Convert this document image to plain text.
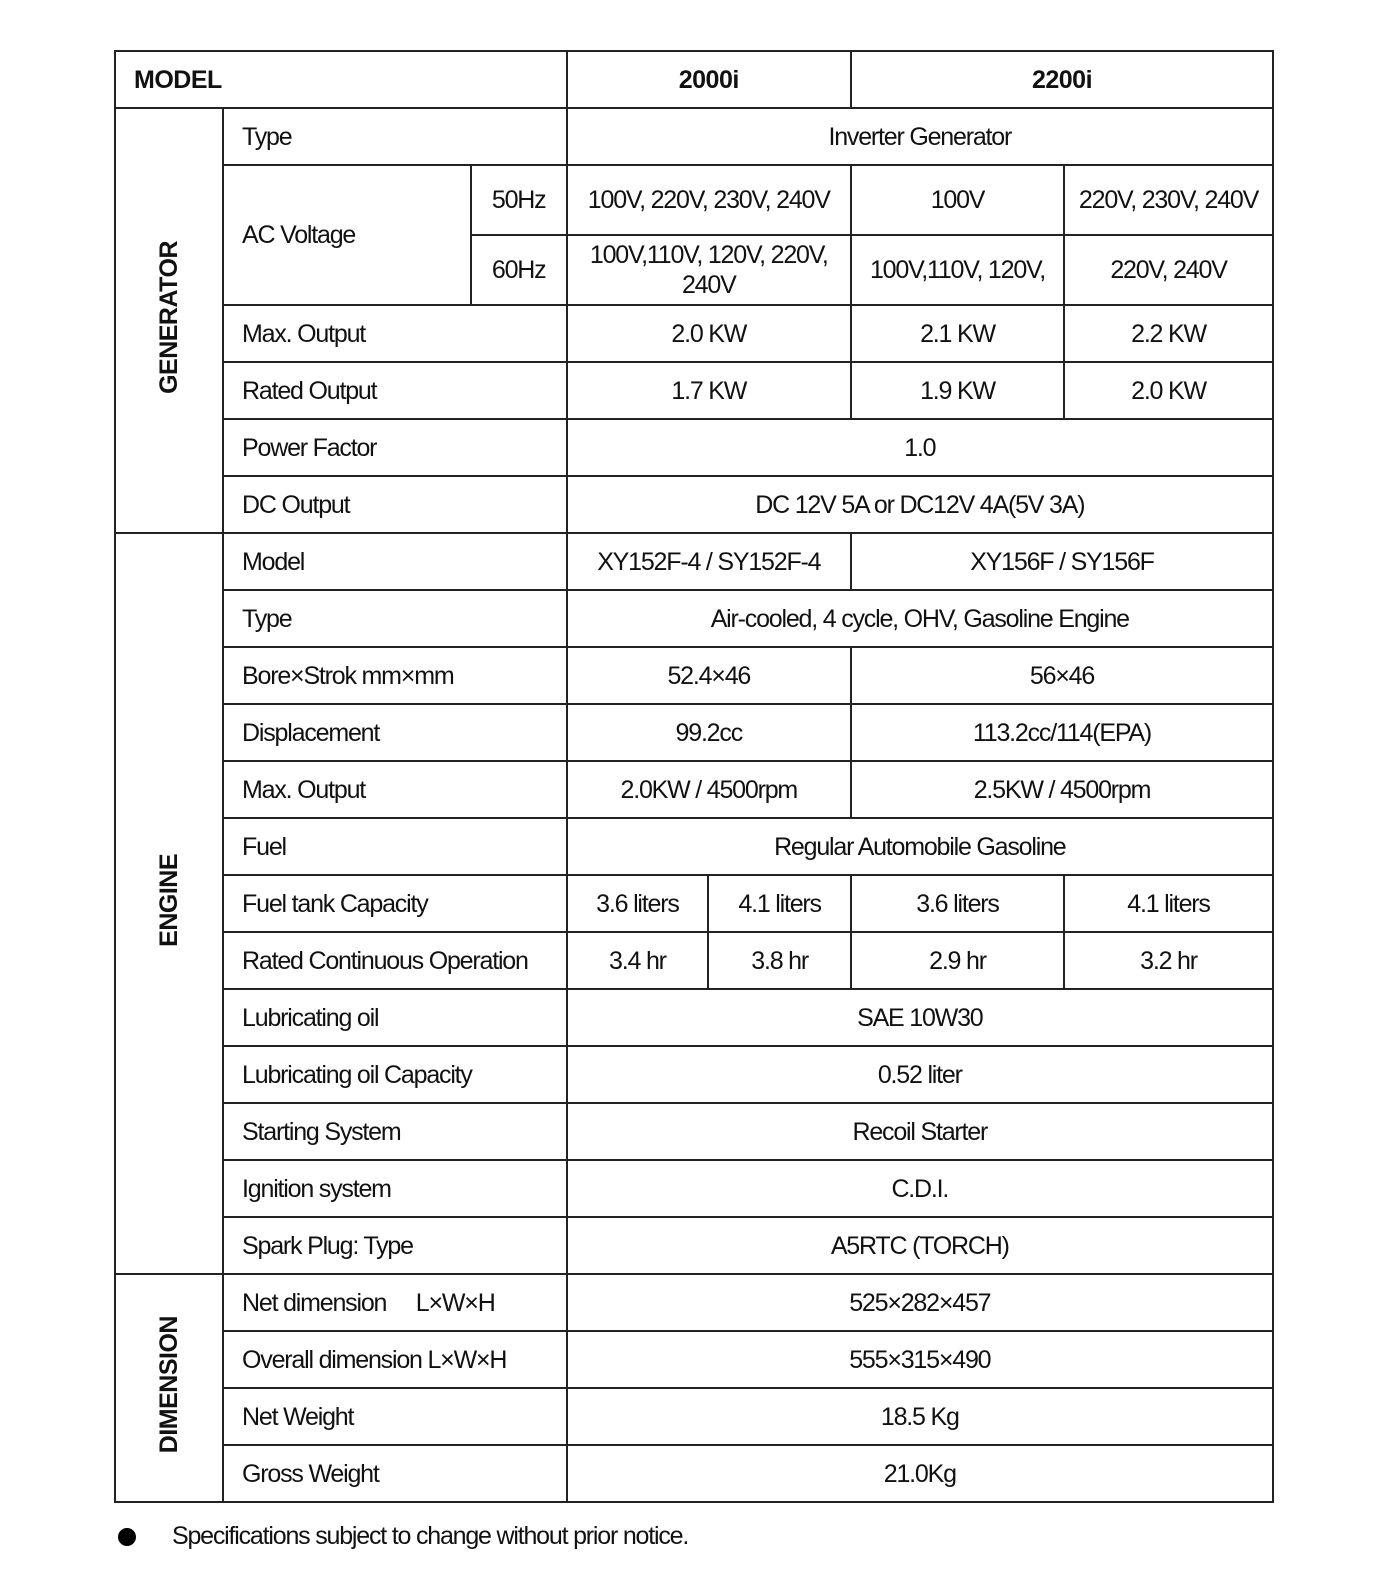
MODEL			2000i		2200i	
GENERATOR	Type		Inverter Generator			
	AC Voltage	50Hz	100V, 220V, 230V, 240V		100V	220V, 230V, 240V
		60Hz	100V,110V, 120V, 220V, 240V		100V,110V, 120V,	220V, 240V
	Max. Output		2.0 KW		2.1 KW	2.2 KW
	Rated Output		1.7 KW		1.9 KW	2.0 KW
	Power Factor		1.0			
	DC Output		DC 12V 5A or DC12V 4A(5V 3A)			

ENGINE	Model		XY152F-4 / SY152F-4		XY156F / SY156F	
	Type		Air-cooled, 4 cycle, OHV, Gasoline Engine			
	Bore×Strok mm×mm		52.4×46		56×46	
	Displacement		99.2cc		113.2cc/114(EPA)	
	Max. Output		2.0KW / 4500rpm		2.5KW / 4500rpm	
	Fuel		Regular Automobile Gasoline			
	Fuel tank Capacity		3.6 liters	4.1 liters	3.6 liters	4.1 liters
	Rated Continuous Operation		3.4 hr	3.8 hr	2.9 hr	3.2 hr
	Lubricating oil		SAE 10W30			
	Lubricating oil Capacity		0.52 liter			
	Starting System		Recoil Starter			
	Ignition system		C.D.I.			
	Spark Plug: Type		A5RTC (TORCH)			
DIMENSION	Net dimension　 L×W×H		525×282×457			
	Overall dimension L×W×H		555×315×490			
	Net Weight		18.5 Kg			
	Gross Weight		21.0Kg			
Specifications subject to change without prior notice.
